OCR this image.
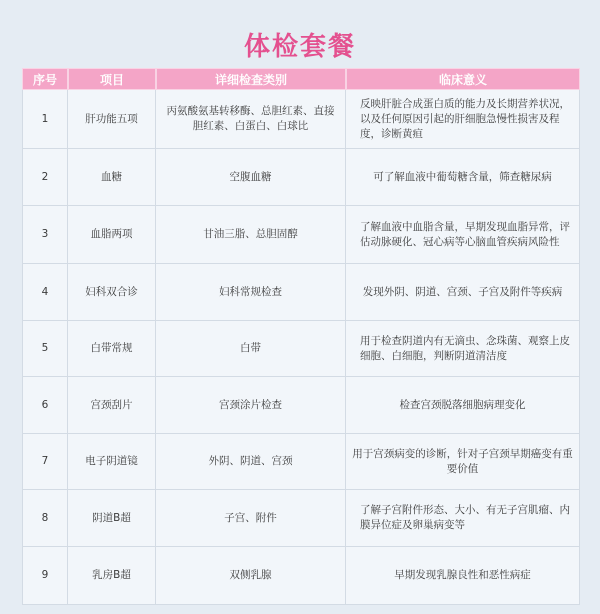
体检套餐
序号	项目	详细检查类别	临床意义
1	肝功能五项	丙氨酸氨基转移酶、总胆红素、直接胆红素、白蛋白、白球比	反映肝脏合成蛋白质的能力及长期营养状况，以及任何原因引起的肝细胞急慢性损害及程度，诊断黄疸
2	血糖	空腹血糖	可了解血液中葡萄糖含量，筛查糖尿病
3	血脂两项	甘油三脂、总胆固醇	了解血液中血脂含量，早期发现血脂异常，评估动脉硬化、冠心病等心脑血管疾病风险性
4	妇科双合诊	妇科常规检查	发现外阴、阴道、宫颈、子宫及附件等疾病
5	白带常规	白带	用于检查阴道内有无滴虫、念珠菌、观察上皮细胞、白细胞，判断阴道清洁度
6	宫颈刮片	宫颈涂片检查	检查宫颈脱落细胞病理变化
7	电子阴道镜	外阴、阴道、宫颈	用于宫颈病变的诊断，针对子宫颈早期癌变有重要价值
8	阴道B超	子宫、附件	了解子宫附件形态、大小、有无子宫肌瘤、内膜异位症及卵巢病变等
9	乳房B超	双侧乳腺	早期发现乳腺良性和恶性病症
